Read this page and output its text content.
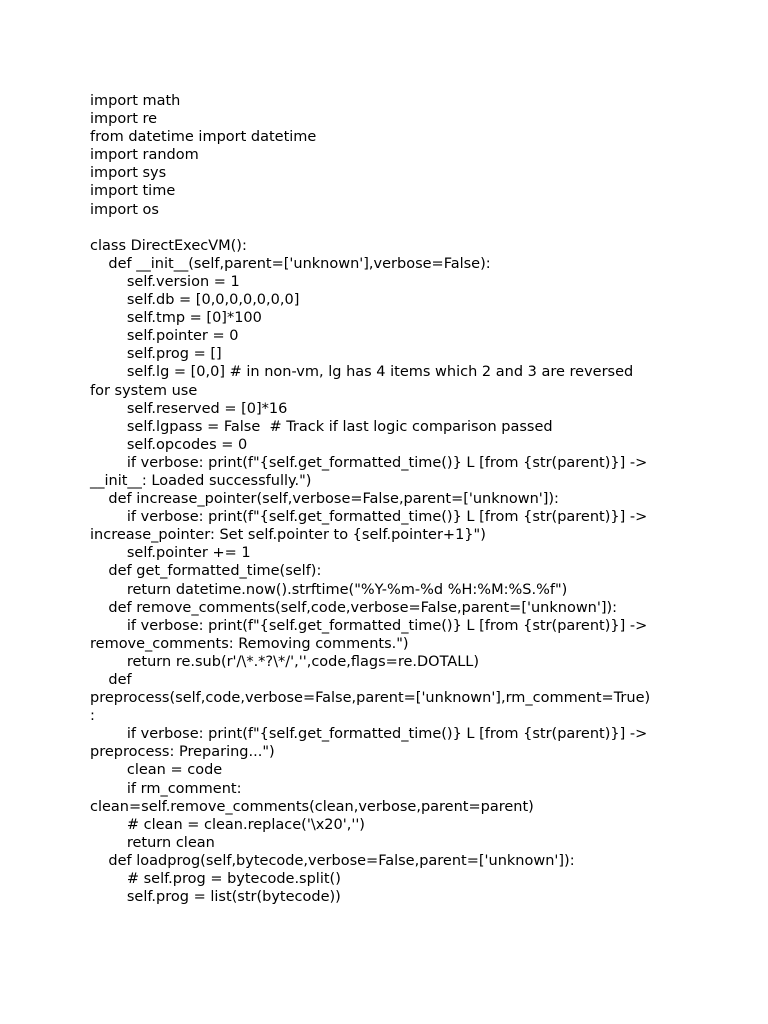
import math
import re
from datetime import datetime
import random
import sys
import time
import os
class DirectExecVM():
def __init__(self,parent=['unknown'],verbose=False):
self.version = 1
self.db = [0,0,0,0,0,0,0]
self.tmp = [0]*100
self.pointer = 0
self.prog = []
self.lg = [0,0] # in non-vm, lg has 4 items which 2 and 3 are reversed
for system use
self.reserved = [0]*16
self.lgpass = False  # Track if last logic comparison passed
self.opcodes = 0
if verbose: print(f"{self.get_formatted_time()} L [from {str(parent)}] ->
__init__: Loaded successfully.")
def increase_pointer(self,verbose=False,parent=['unknown']):
if verbose: print(f"{self.get_formatted_time()} L [from {str(parent)}] ->
increase_pointer: Set self.pointer to {self.pointer+1}")
self.pointer += 1
def get_formatted_time(self):
return datetime.now().strftime("%Y-%m-%d %H:%M:%S.%f")
def remove_comments(self,code,verbose=False,parent=['unknown']):
if verbose: print(f"{self.get_formatted_time()} L [from {str(parent)}] ->
remove_comments: Removing comments.")
return re.sub(r'/\*.*?\*/','',code,flags=re.DOTALL)
def
preprocess(self,code,verbose=False,parent=['unknown'],rm_comment=True)
:
if verbose: print(f"{self.get_formatted_time()} L [from {str(parent)}] ->
preprocess: Preparing...")
clean = code
if rm_comment:
clean=self.remove_comments(clean,verbose,parent=parent)
# clean = clean.replace('\x20','')
return clean
def loadprog(self,bytecode,verbose=False,parent=['unknown']):
# self.prog = bytecode.split()
self.prog = list(str(bytecode))
